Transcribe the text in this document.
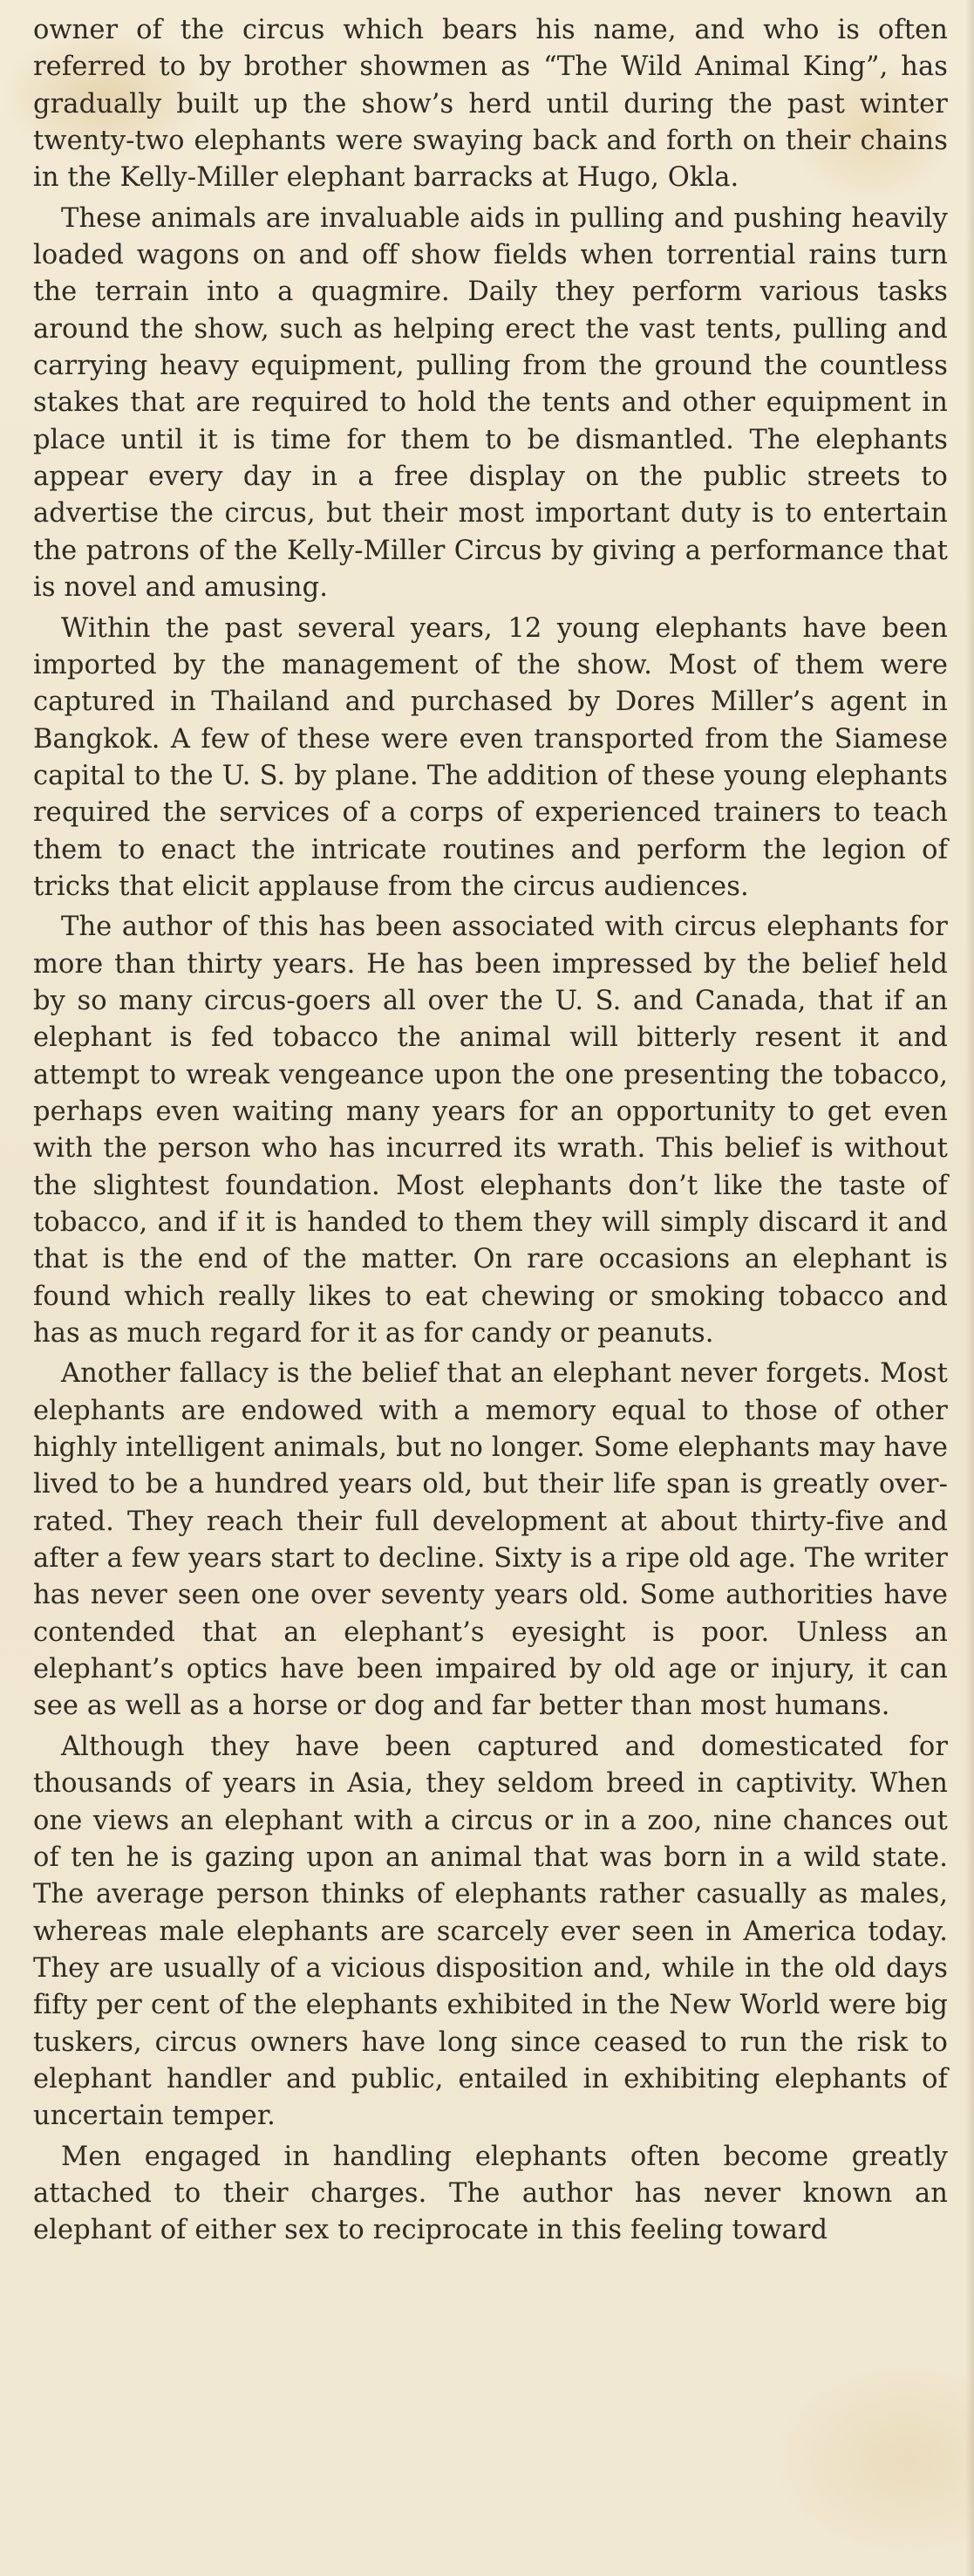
owner of the circus which bears his name, and who is often referred to by brother showmen as “The Wild Animal King”, has gradually built up the show’s herd until during the past winter twenty-two elephants were swaying back and forth on their chains in the Kelly-Miller elephant barracks at Hugo, Okla.

These animals are invaluable aids in pulling and pushing heavily loaded wagons on and off show fields when torrential rains turn the terrain into a quagmire. Daily they perform various tasks around the show, such as helping erect the vast tents, pulling and carrying heavy equipment, pulling from the ground the countless stakes that are required to hold the tents and other equipment in place until it is time for them to be dismantled. The elephants appear every day in a free display on the public streets to advertise the circus, but their most important duty is to entertain the patrons of the Kelly-Miller Circus by giving a performance that is novel and amusing.

Within the past several years, 12 young elephants have been imported by the management of the show. Most of them were captured in Thailand and purchased by Dores Miller’s agent in Bangkok. A few of these were even transported from the Siamese capital to the U. S. by plane. The addition of these young elephants required the services of a corps of experienced trainers to teach them to enact the intricate routines and perform the legion of tricks that elicit applause from the circus audiences.

The author of this has been associated with circus elephants for more than thirty years. He has been impressed by the belief held by so many circus-goers all over the U. S. and Canada, that if an elephant is fed tobacco the animal will bitterly resent it and attempt to wreak vengeance upon the one presenting the tobacco, perhaps even waiting many years for an opportunity to get even with the person who has incurred its wrath. This belief is without the slightest foundation. Most elephants don’t like the taste of tobacco, and if it is handed to them they will simply discard it and that is the end of the matter. On rare occasions an elephant is found which really likes to eat chewing or smoking tobacco and has as much regard for it as for candy or peanuts.

Another fallacy is the belief that an elephant never forgets. Most elephants are endowed with a memory equal to those of other highly intelligent animals, but no longer. Some elephants may have lived to be a hundred years old, but their life span is greatly over-rated. They reach their full development at about thirty-five and after a few years start to decline. Sixty is a ripe old age. The writer has never seen one over seventy years old. Some authorities have contended that an elephant’s eyesight is poor. Unless an elephant’s optics have been impaired by old age or injury, it can see as well as a horse or dog and far better than most humans.

Although they have been captured and domesticated for thousands of years in Asia, they seldom breed in captivity. When one views an elephant with a circus or in a zoo, nine chances out of ten he is gazing upon an animal that was born in a wild state. The average person thinks of elephants rather casually as males, whereas male elephants are scarcely ever seen in America today. They are usually of a vicious disposition and, while in the old days fifty per cent of the elephants exhibited in the New World were big tuskers, circus owners have long since ceased to run the risk to elephant handler and public, entailed in exhibiting elephants of uncertain temper.

Men engaged in handling elephants often become greatly attached to their charges. The author has never known an elephant of either sex to reciprocate in this feeling toward
